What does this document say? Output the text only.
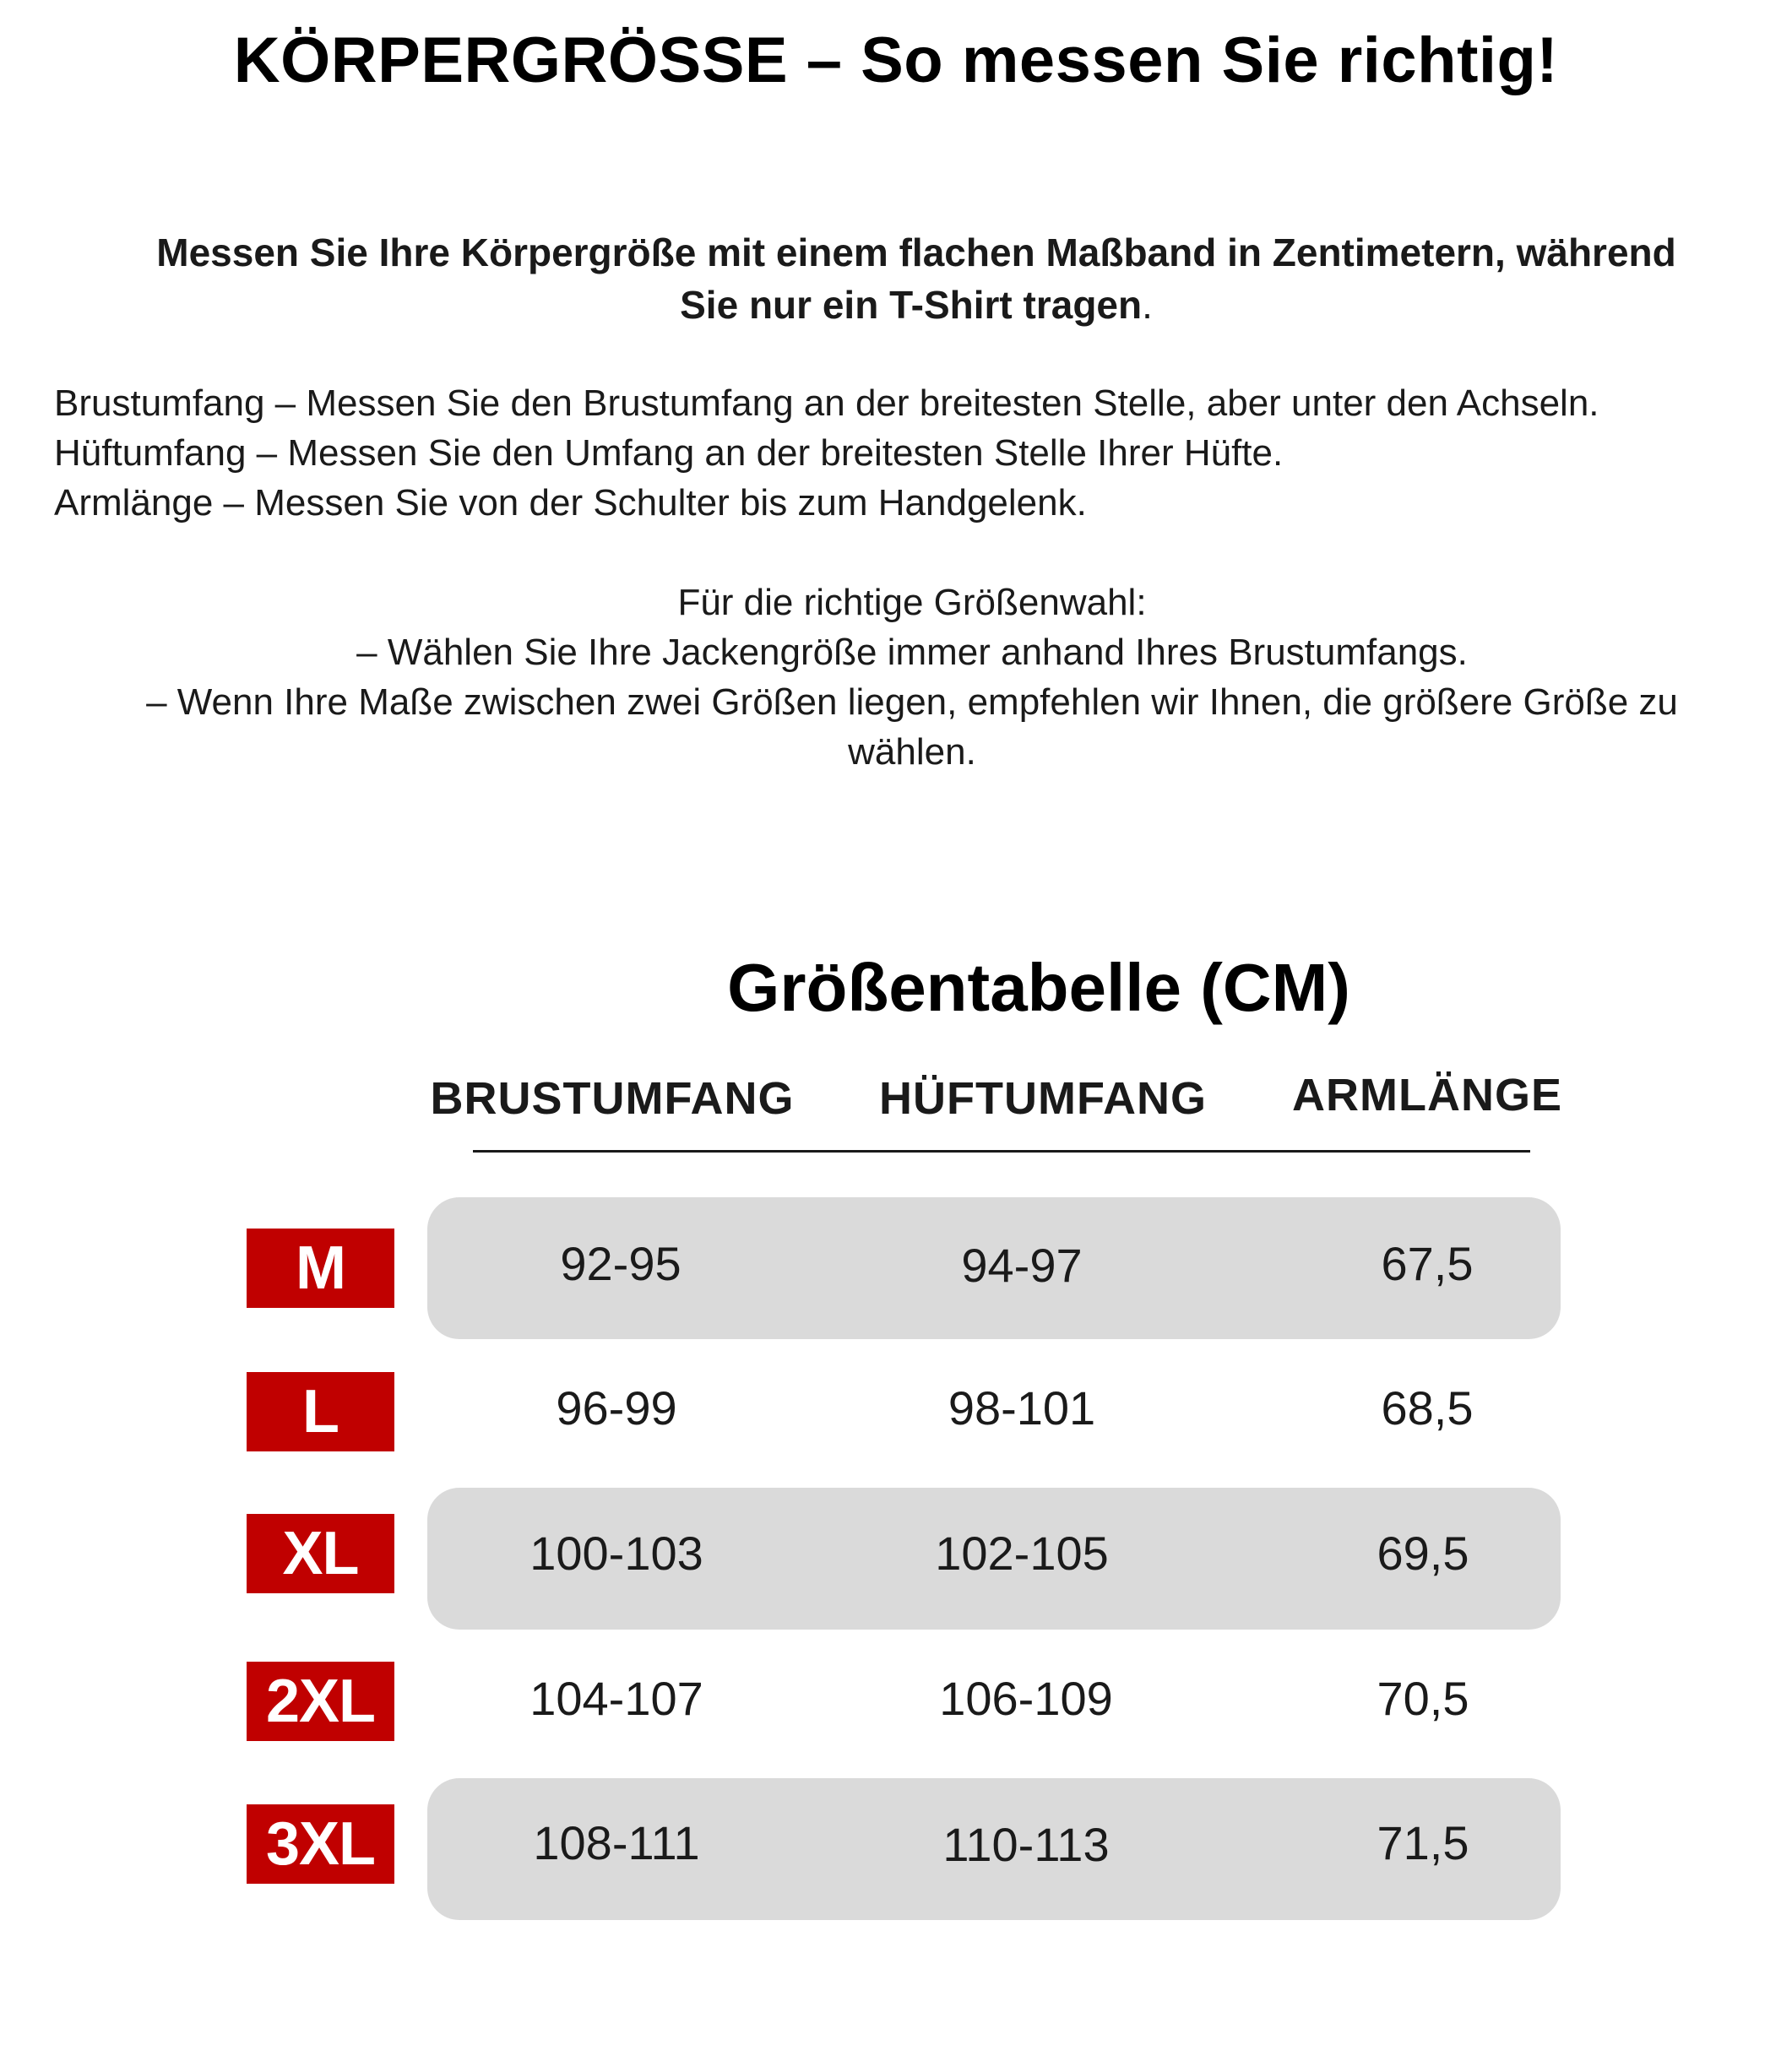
KÖRPERGRÖSSE – So messen Sie richtig!
Messen Sie Ihre Körpergröße mit einem flachen Maßband in Zentimetern, während
Sie nur ein T-Shirt tragen.
Brustumfang – Messen Sie den Brustumfang an der breitesten Stelle, aber unter den Achseln.
Hüftumfang – Messen Sie den Umfang an der breitesten Stelle Ihrer Hüfte.
Armlänge – Messen Sie von der Schulter bis zum Handgelenk.
Für die richtige Größenwahl:
– Wählen Sie Ihre Jackengröße immer anhand Ihres Brustumfangs.
– Wenn Ihre Maße zwischen zwei Größen liegen, empfehlen wir Ihnen, die größere Größe zu
wählen.
Größentabelle (CM)
BRUSTUMFANG	HÜFTUMFANG	ARMLÄNGE
M	92-95	94-97	67,5
L	96-99	98-101	68,5
XL	100-103	102-105	69,5
2XL	104-107	106-109	70,5
3XL	108-111	110-113	71,5
